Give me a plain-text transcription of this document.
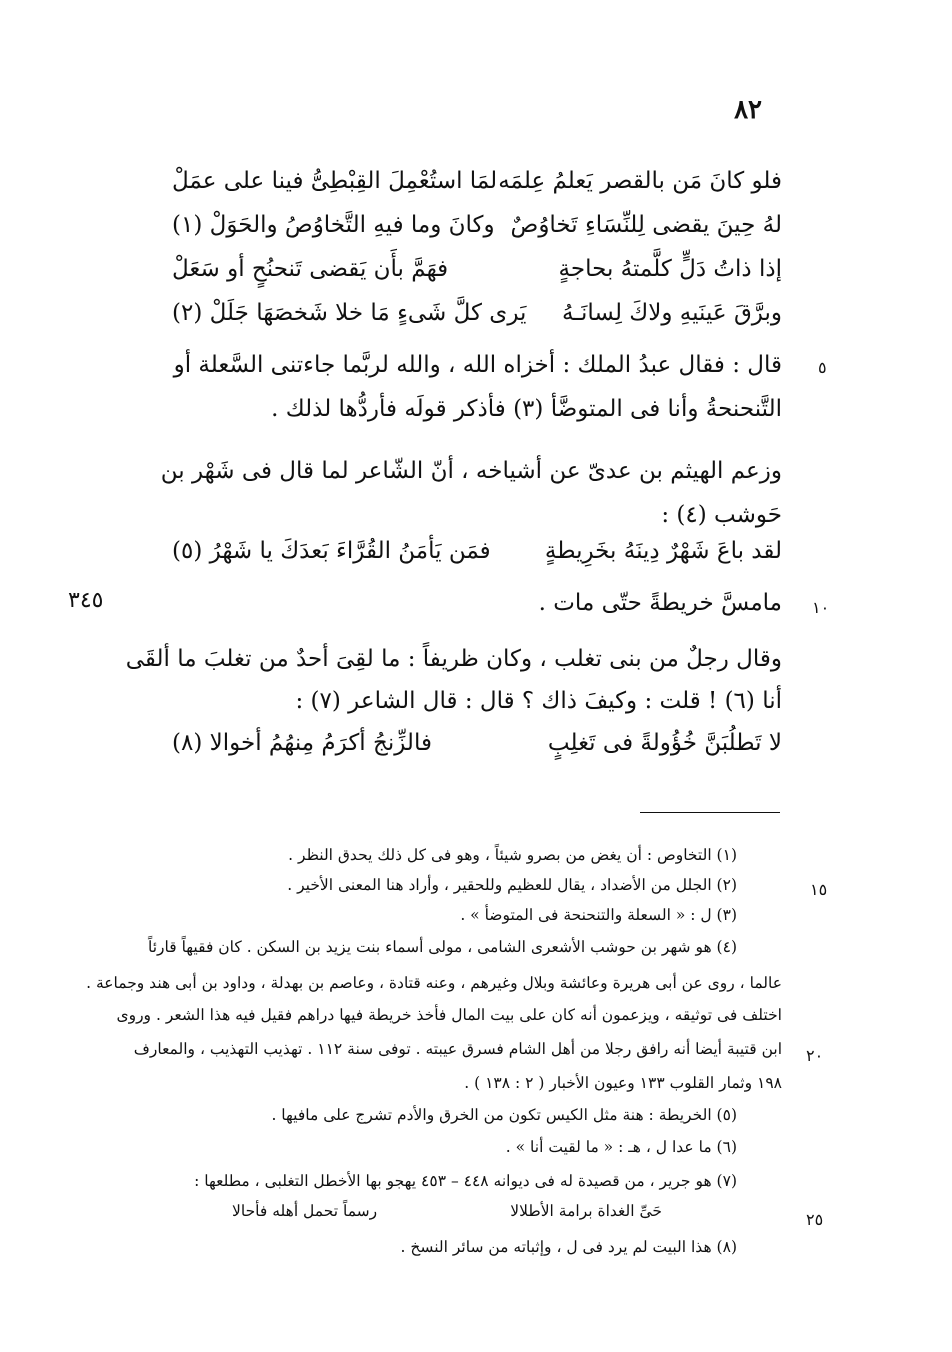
٨٢
فلو كانَ مَن بالقصر يَعلمُ عِلمَه
لمَا استُعْمِلَ القِبْطِىُّ فينا على عمَلْ
لهُ حِينَ يقضى لِلنِّسَاءِ تَخاوُصٌ
وكانَ وما فيهِ التَّخاوُصُ والحَوَلْ (١)
إذا ذاتُ دَلٍّ كلَّمتهُ بحاجةٍ
فهَمَّ بأَن يَقضى تَنحنُحٍ أو سَعَلْ
وبرَّقَ عَينَيهِ ولاكَ لِسانَـهُ
يَرى كلَّ شَىءٍ مَا خلا شَخصَهَا جَلَلْ (٢)
٥
قال : فقال عبدُ الملك : أخزاه الله ، والله لربَّما جاءتنى السَّعلة أو
التَّنحنحةُ وأنا فى المتوضَّأ (٣) فأذكر قولَه فأردُّها لذلك .
وزعم الهيثم بن عدىّ عن أشياخه ، أنّ الشّاعر لما قال فى شَهْر بن
حَوشب (٤) :
لقد باعَ شَهْرٌ دِينَهُ بخَرِيطةٍ
فمَن يَأمَنُ القُرَّاءَ بَعدَكَ يا شَهْرُ (٥)
٣٤٥	١٠
مامسَّ خريطةً حتّى مات .
وقال رجلٌ من بنى تغلب ، وكان ظريفاً : ما لقِىَ أحدٌ من تغلبَ ما ألقَى
أنا (٦) ! قلت : وكيفَ ذاك ؟ قال : قال الشاعر (٧) :
لا تَطلُبَنَّ خُؤُولةً فى تَغلِبٍ
فالزِّنجُ أكرَمُ مِنهُمُ أخوالا (٨)
(١) التخاوص : أن يغض من بصرو شيئاً ، وهو فى كل ذلك يحدق النظر .
١٥
(٢) الجلل من الأضداد ، يقال للعظيم وللحقير ، وأراد هنا المعنى الأخير .
(٣) ل : « السعلة والتنحنحة فى المتوضأ » .
(٤) هو شهر بن حوشب الأشعرى الشامى ، مولى أسماء بنت يزيد بن السكن . كان فقيهاً قارئاً
عالما ، روى عن أبى هريرة وعائشة وبلال وغيرهم ، وعنه قتادة ، وعاصم بن بهدلة ، وداود بن أبى هند وجماعة .
اختلف فى توثيقه ، ويزعمون أنه كان على بيت المال فأخذ خريطة فيها دراهم فقيل فيه هذا الشعر . وروى
٢٠
ابن قتيبة أيضا أنه رافق رجلا من أهل الشام فسرق عيبته . توفى سنة ١١٢ . تهذيب التهذيب ، والمعارف
١٩٨ وثمار القلوب ١٣٣ وعيون الأخبار ( ٢ : ١٣٨ ) .
(٥) الخريطة : هنة مثل الكيس تكون من الخرق والأدم تشرج على مافيها .
(٦) ما عدا ل ، هـ : « ما لقيت أنا » .
(٧) هو جرير ، من قصيدة له فى ديوانه ٤٤٨ – ٤٥٣ يهجو بها الأخطل التغلبى ، مطلعها :
٢٥
حَىِّ الغداة برامة الأطلالا
رسماً تحمل أهله فأحالا
(٨) هذا البيت لم يرد فى ل ، وإثباته من سائر النسخ .
